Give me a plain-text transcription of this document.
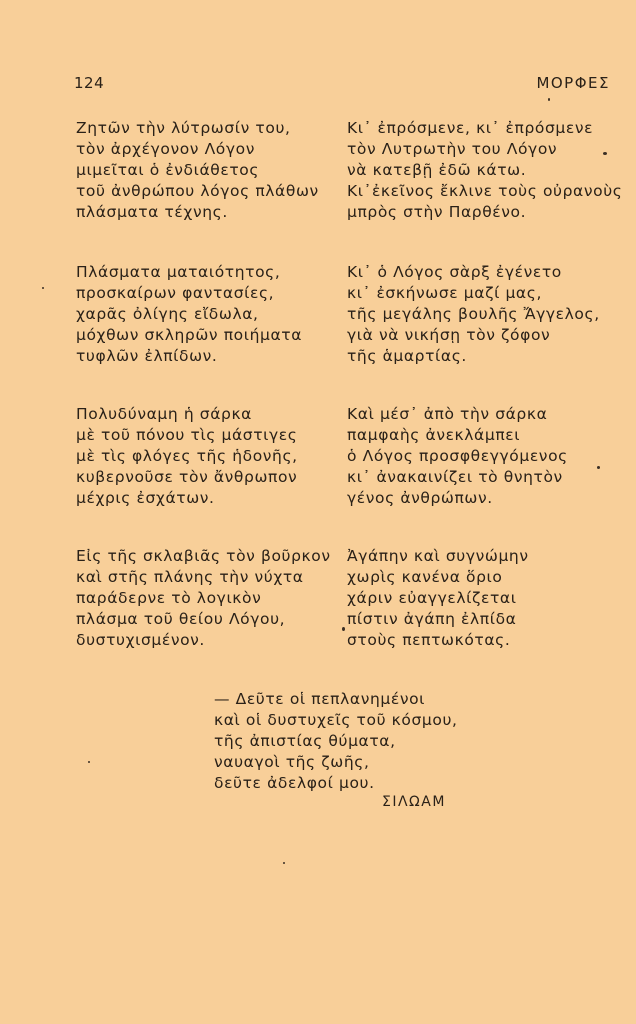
124	ΜΟΡΦΕΣ
Ζητῶν τὴν λύτρωσίν του,
τὸν ἀρχέγονον Λόγον
μιμεῖται ὁ ἐνδιάθετος
τοῦ ἀνθρώπου λόγος πλάθων
πλάσματα τέχνης.
Κι᾿ ἐπρόσμενε, κι᾿ ἐπρόσμενε
τὸν Λυτρωτὴν του Λόγον
νὰ κατεβῇ ἐδῶ κάτω.
Κι᾿ἐκεῖνος ἔκλινε τοὺς οὐρανοὺς
μπρὸς στὴν Παρθένο.
Πλάσματα ματαιότητος,
προσκαίρων φαντασίες,
χαρᾶς ὀλίγης εἴδωλα,
μόχθων σκληρῶν ποιήματα
τυφλῶν ἐλπίδων.
Κι᾿ ὁ Λόγος σὰρξ ἐγένετο
κι᾿ ἐσκήνωσε μαζί μας,
τῆς μεγάλης βουλῆς Ἄγγελος,
γιὰ νὰ νικήσῃ τὸν ζόφον
τῆς ἁμαρτίας.
Πολυδύναμη ἡ σάρκα
μὲ τοῦ πόνου τὶς μάστιγες
μὲ τὶς φλόγες τῆς ἡδονῆς,
κυβερνοῦσε τὸν ἄνθρωπον
μέχρις ἐσχάτων.
Καὶ μέσ᾿ ἀπὸ τὴν σάρκα
παμφαὴς ἀνεκλάμπει
ὁ Λόγος προσφθεγγόμενος
κι᾿ ἀνακαινίζει τὸ θνητὸν
γένος ἀνθρώπων.
Εἰς τῆς σκλαβιᾶς τὸν βοῦρκον
καὶ στῆς πλάνης τὴν νύχτα
παράδερνε τὸ λογικὸν
πλάσμα τοῦ θείου Λόγου,
δυστυχισμένον.
Ἀγάπην καὶ συγνώμην
χωρὶς κανένα ὅριο
χάριν εὐαγγελίζεται
πίστιν ἀγάπη ἐλπίδα
στοὺς πεπτωκότας.
— Δεῦτε οἱ πεπλανημένοι
καὶ οἱ δυστυχεῖς τοῦ κόσμου,
τῆς ἀπιστίας θύματα,
ναυαγοὶ τῆς ζωῆς,
δεῦτε ἀδελφοί μου.
ΣΙΛΩΑΜ
